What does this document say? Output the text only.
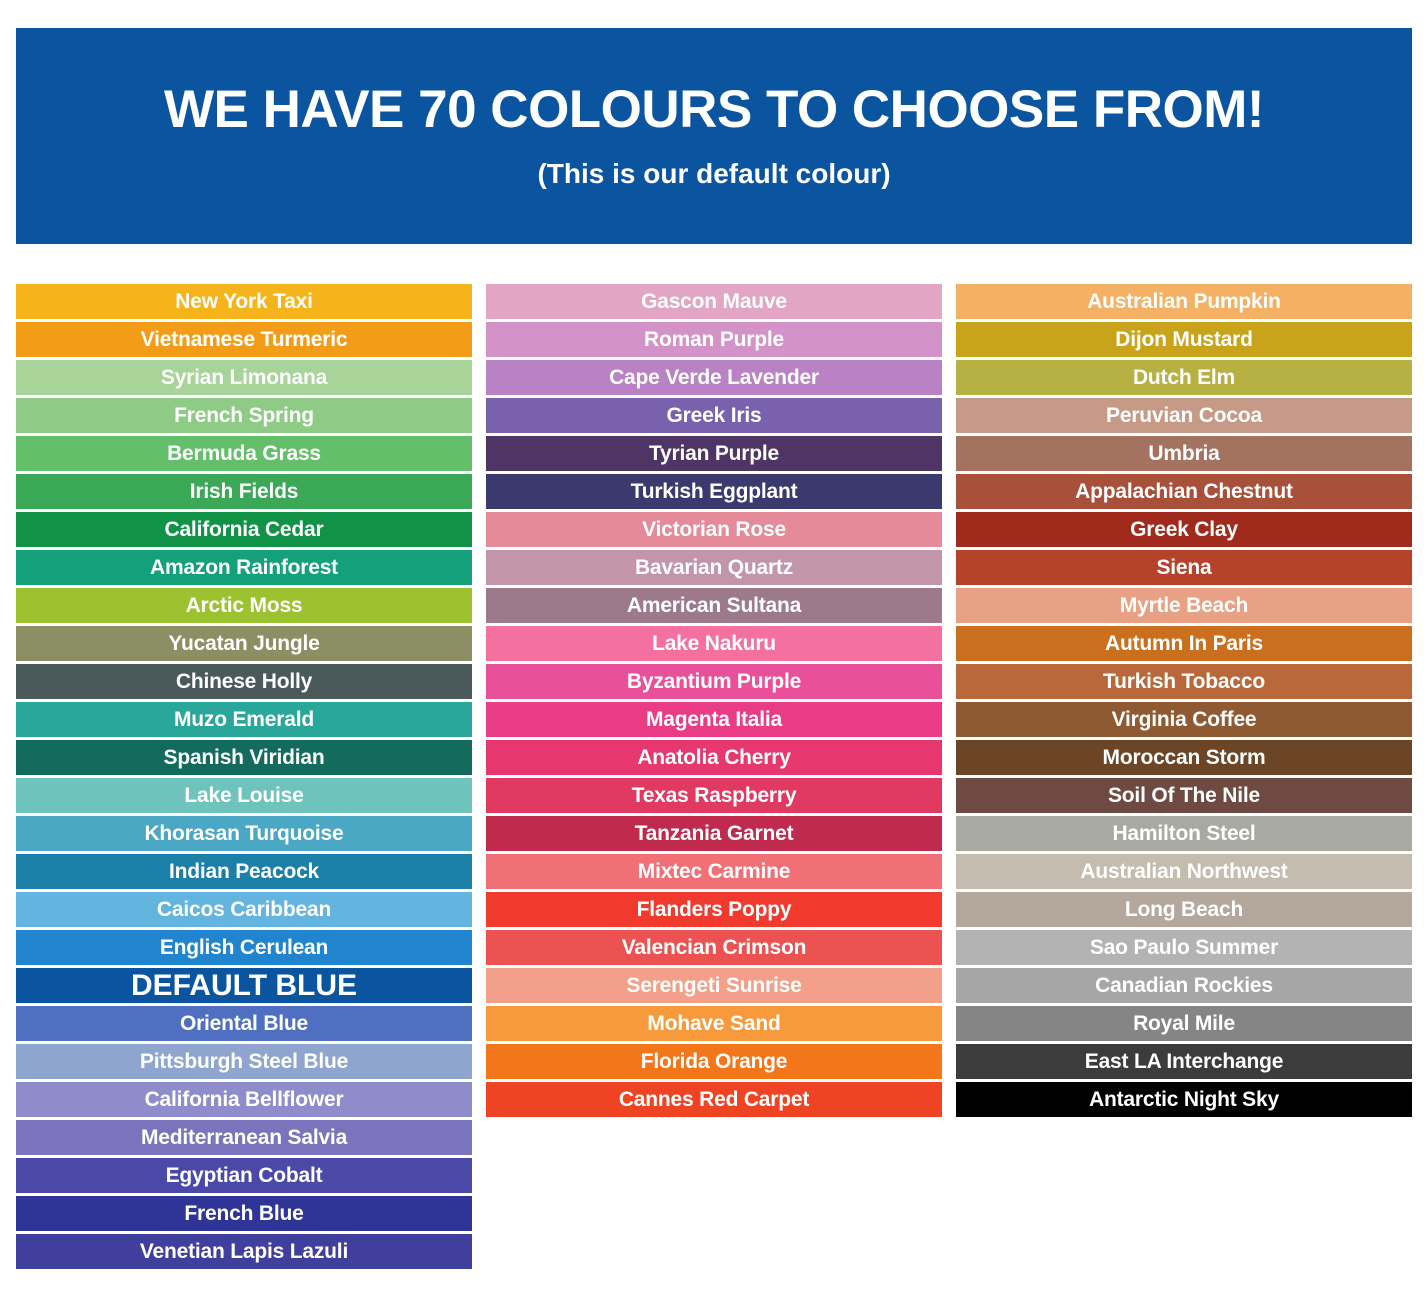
WE HAVE 70 COLOURS TO CHOOSE FROM!
(This is our default colour)
New York Taxi
Vietnamese Turmeric
Syrian Limonana
French Spring
Bermuda Grass
Irish Fields
California Cedar
Amazon Rainforest
Arctic Moss
Yucatan Jungle
Chinese Holly
Muzo Emerald
Spanish Viridian
Lake Louise
Khorasan Turquoise
Indian Peacock
Caicos Caribbean
English Cerulean
DEFAULT BLUE
Oriental Blue
Pittsburgh Steel Blue
California Bellflower
Mediterranean Salvia
Egyptian Cobalt
French Blue
Venetian Lapis Lazuli
Gascon Mauve
Roman Purple
Cape Verde Lavender
Greek Iris
Tyrian Purple
Turkish Eggplant
Victorian Rose
Bavarian Quartz
American Sultana
Lake Nakuru
Byzantium Purple
Magenta Italia
Anatolia Cherry
Texas Raspberry
Tanzania Garnet
Mixtec Carmine
Flanders Poppy
Valencian Crimson
Serengeti Sunrise
Mohave Sand
Florida Orange
Cannes Red Carpet
Australian Pumpkin
Dijon Mustard
Dutch Elm
Peruvian Cocoa
Umbria
Appalachian Chestnut
Greek Clay
Siena
Myrtle Beach
Autumn In Paris
Turkish Tobacco
Virginia Coffee
Moroccan Storm
Soil Of The Nile
Hamilton Steel
Australian Northwest
Long Beach
Sao Paulo Summer
Canadian Rockies
Royal Mile
East LA Interchange
Antarctic Night Sky
